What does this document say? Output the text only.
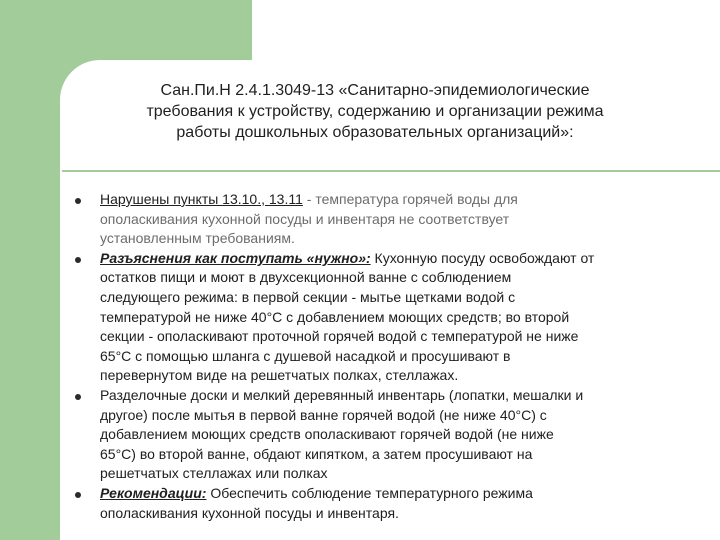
Сан.Пи.Н 2.4.1.3049-13 «Санитарно-эпидемиологические
требования к устройству, содержанию и организации режима
работы дошкольных образовательных организаций»:
Нарушены пункты 13.10., 13.11 - температура горячей воды для
ополаскивания кухонной посуды и инвентаря не соответствует
установленным требованиям.
Разъяснения как поступать «нужно»: Кухонную посуду освобождают от
остатков пищи и моют в двухсекционной ванне с соблюдением
следующего режима: в первой секции - мытье щетками водой с
температурой не ниже 40°С с добавлением моющих средств; во второй
секции - ополаскивают проточной горячей водой с температурой не ниже
65°С с помощью шланга с душевой насадкой и просушивают в
перевернутом виде на решетчатых полках, стеллажах.
Разделочные доски и мелкий деревянный инвентарь (лопатки, мешалки и
другое) после мытья в первой ванне горячей водой (не ниже 40°С) с
добавлением моющих средств ополаскивают горячей водой (не ниже
65°С) во второй ванне, обдают кипятком, а затем просушивают на
решетчатых стеллажах или полках
Рекомендации: Обеспечить соблюдение температурного режима
ополаскивания кухонной посуды и инвентаря.
